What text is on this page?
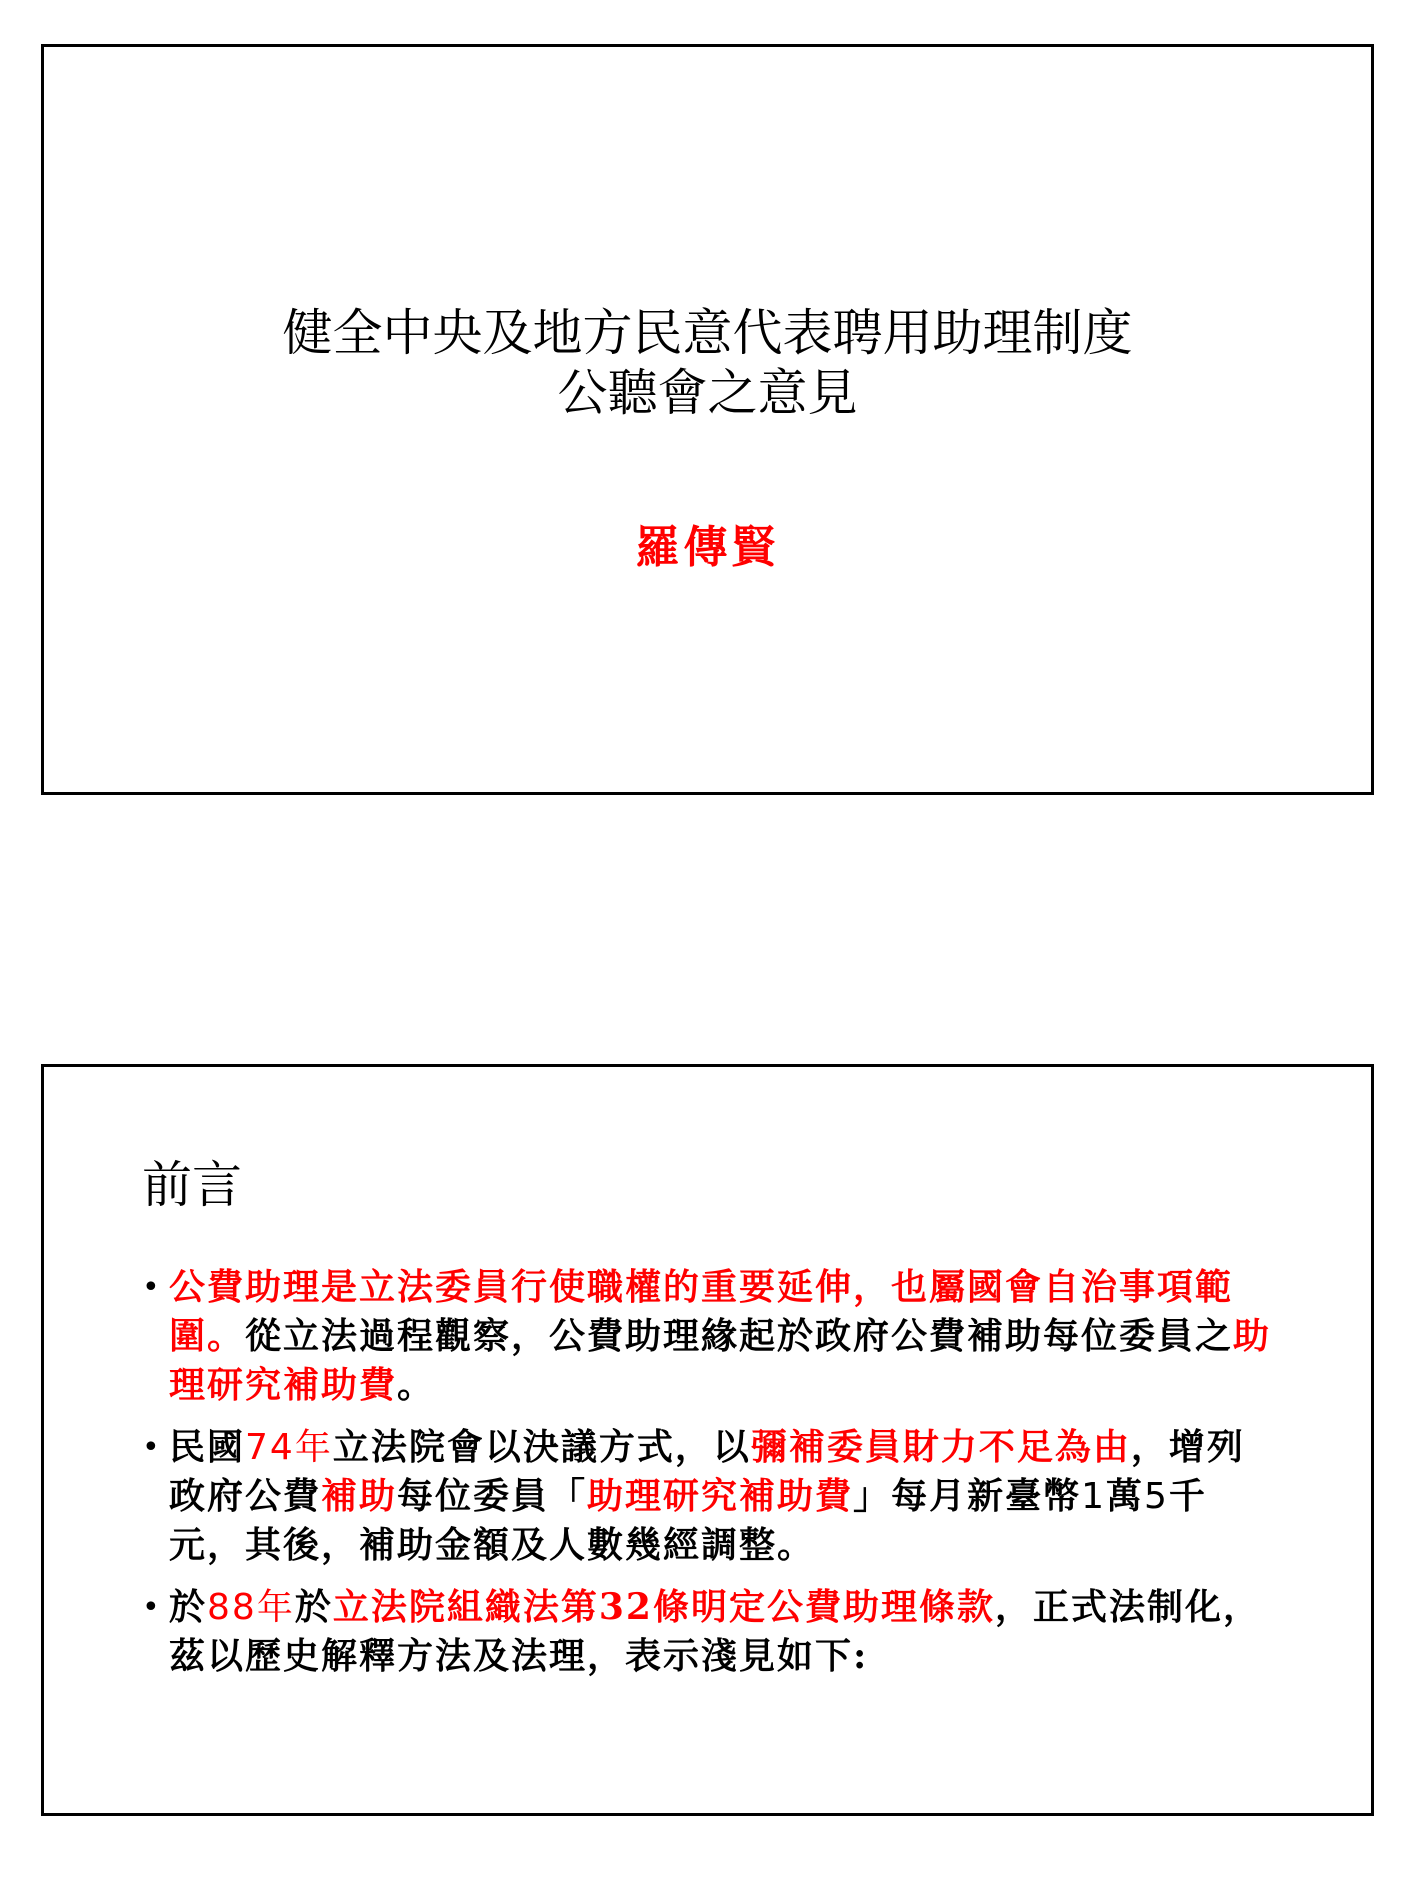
健全中央及地方民意代表聘用助理制度
公聽會之意見
羅傳賢
前言
• 公費助理是立法委員行使職權的重要延伸，也屬國會自治事項範圍。從立法過程觀察，公費助理緣起於政府公費補助每位委員之助理研究補助費。
• 民國74年立法院會以決議方式，以彌補委員財力不足為由，增列政府公費補助每位委員「助理研究補助費」每月新臺幣1萬5千元，其後，補助金額及人數幾經調整。
• 於88年於立法院組織法第32條明定公費助理條款，正式法制化，茲以歷史解釋方法及法理，表示淺見如下:
